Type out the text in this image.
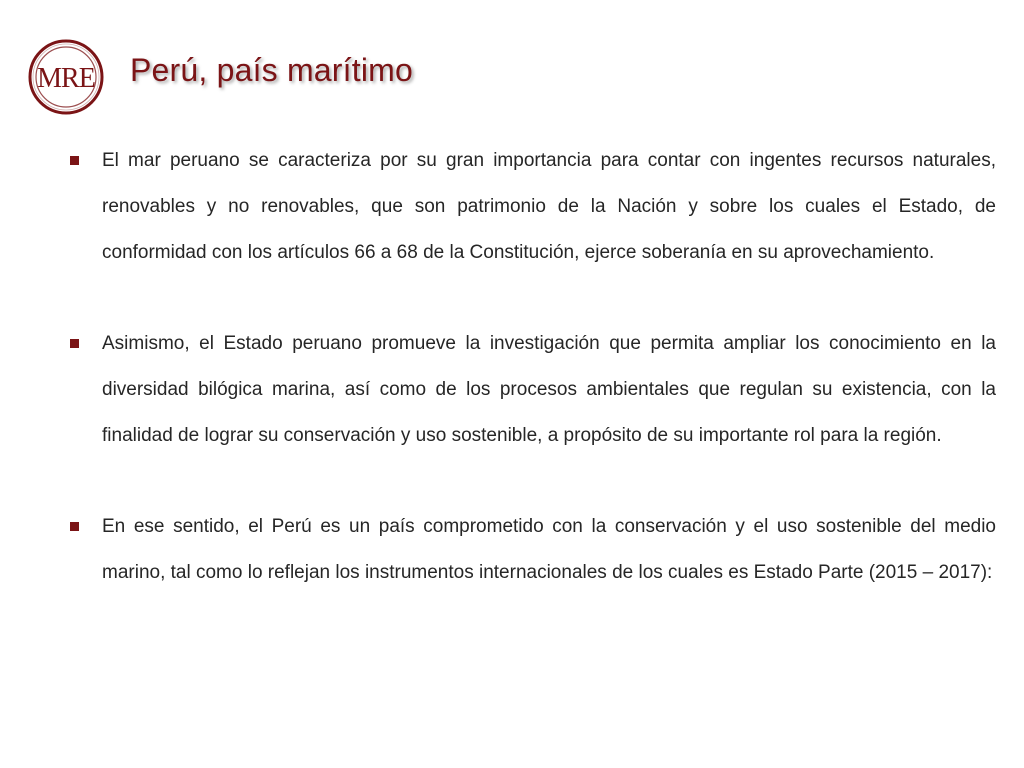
MRE Perú, país marítimo
El mar peruano se caracteriza por su gran importancia para contar con ingentes recursos naturales, renovables y no renovables, que son patrimonio de la Nación y sobre los cuales el Estado, de conformidad con los artículos 66 a 68 de la Constitución, ejerce soberanía en su aprovechamiento.
Asimismo, el Estado peruano promueve la investigación que permita ampliar los conocimiento en la diversidad bilógica marina, así como de los procesos ambientales que regulan su existencia, con la finalidad de lograr su conservación y uso sostenible, a propósito de su importante rol para la región.
En ese sentido, el Perú es un país comprometido con la conservación y el uso sostenible del medio marino, tal como lo reflejan los instrumentos internacionales de los cuales es Estado Parte (2015 – 2017):
